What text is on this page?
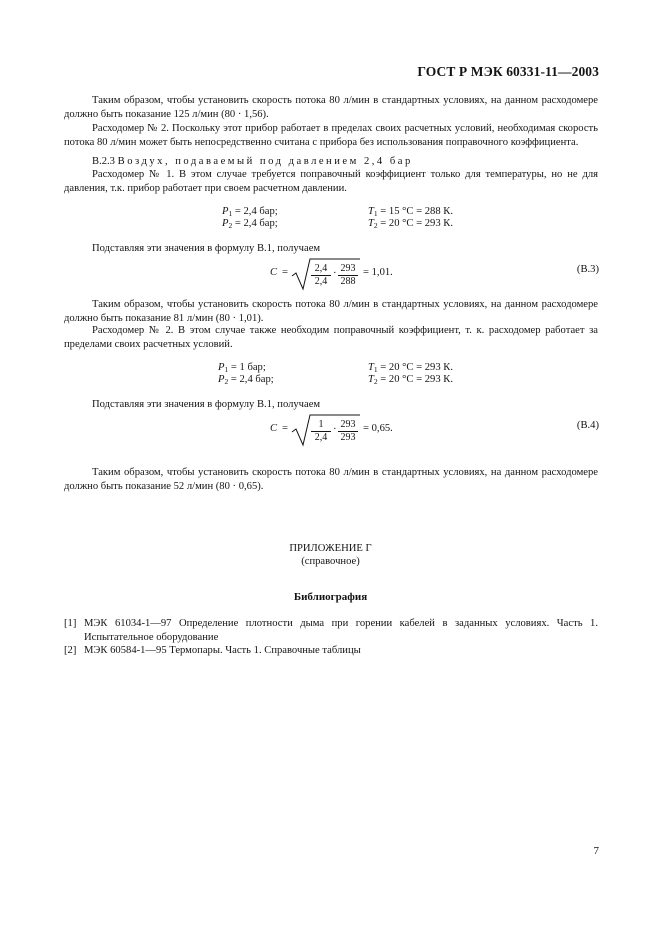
ГОСТ Р МЭК 60331-11—2003
Таким образом, чтобы установить скорость потока 80 л/мин в стандартных условиях, на данном расходомере должно быть показание 125 л/мин (80 · 1,56).
Расходомер № 2. Поскольку этот прибор работает в пределах своих расчетных условий, необходимая скорость потока 80 л/мин может быть непосредственно считана с прибора без использования поправочного коэффициента.
В.2.3 Воздух, подаваемый под давлением 2,4 бар
Расходомер № 1. В этом случае требуется поправочный коэффициент только для температуры, но не для давления, т.к. прибор работает при своем расчетном давлении.
$P_1 = 2,4$ бар;
$P_2 = 2,4$ бар;
$T_1 = 15$ °С = 288 К.
$T_2 = 20$ °С = 293 К.
Подставляя эти значения в формулу В.1, получаем
$C = \frac{2,4}{2,4} \cdot \frac{293}{288} = 1,01$.	(В.3)
Таким образом, чтобы установить скорость потока 80 л/мин в стандартных условиях, на данном расходомере должно быть показание 81 л/мин (80 · 1,01).
Расходомер № 2. В этом случае также необходим поправочный коэффициент, т. к. расходомер работает за пределами своих расчетных условий.
$P_1 = 1$ бар;
$P_2 = 2,4$ бар;
$T_1 = 20$ °С = 293 К.
$T_2 = 20$ °С = 293 К.
Подставляя эти значения в формулу В.1, получаем
$C = \frac{1}{2,4} \cdot \frac{293}{293} = 0,65$.	(В.4)
Таким образом, чтобы установить скорость потока 80 л/мин в стандартных условиях, на данном расходомере должно быть показание 52 л/мин (80 · 0,65).
ПРИЛОЖЕНИЕ Г
(справочное)
Библиография
[1] МЭК 61034-1—97 Определение плотности дыма при горении кабелей в заданных условиях. Часть 1. Испытательное оборудование
[2] МЭК 60584-1—95 Термопары. Часть 1. Справочные таблицы
7
